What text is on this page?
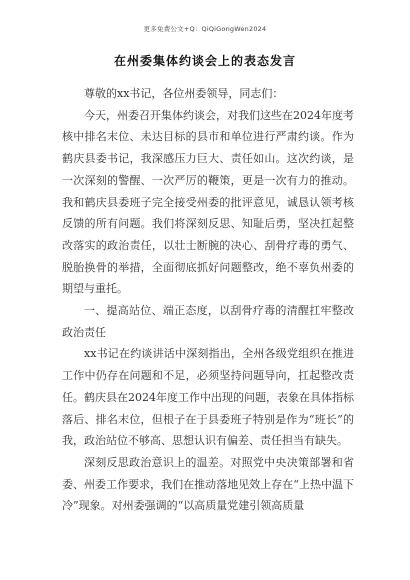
更多免费公文+Q：QiQiGongWen2024
在州委集体约谈会上的表态发言

尊敬的xx书记，各位州委领导，同志们：

今天，州委召开集体约谈会，对我们这些在2024年度考核中排名末位、未达目标的县市和单位进行严肃约谈。作为鹤庆县委书记，我深感压力巨大、责任如山。这次约谈，是一次深刻的警醒、一次严厉的鞭策，更是一次有力的推动。我和鹤庆县委班子完全接受州委的批评意见，诚恳认领考核反馈的所有问题。我们将深刻反思、知耻后勇，坚决扛起整改落实的政治责任，以壮士断腕的决心、刮骨疗毒的勇气、脱胎换骨的举措，全面彻底抓好问题整改，绝不辜负州委的期望与重托。

一、提高站位、端正态度，以刮骨疗毒的清醒扛牢整改政治责任

xx书记在约谈讲话中深刻指出，全州各级党组织在推进工作中仍存在问题和不足，必须坚持问题导向，扛起整改责任。鹤庆县在2024年度工作中出现的问题，表象在具体指标落后、排名末位，但根子在于县委班子特别是作为“班长”的我，政治站位不够高、思想认识有偏差、责任担当有缺失。

深刻反思政治意识上的温差。对照党中央决策部署和省委、州委工作要求，我们在推动落地见效上存在“上热中温下冷”现象。对州委强调的“以高质量党建引领高质量
